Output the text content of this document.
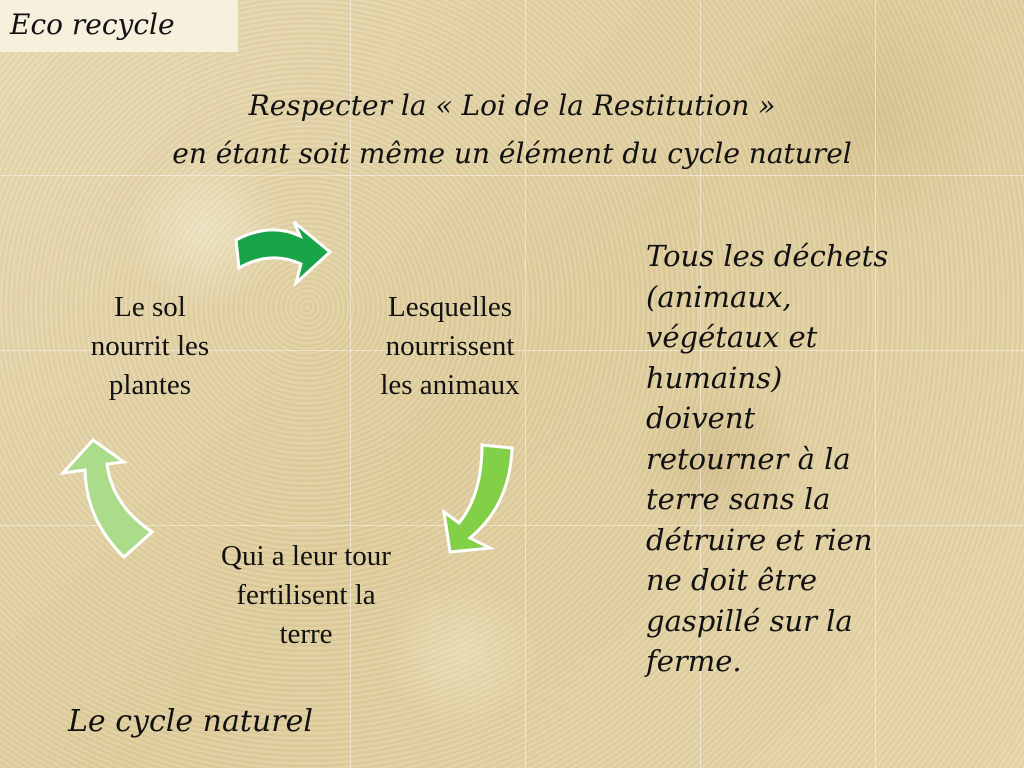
Eco recycle
Respecter la « Loi de la Restitution »
en étant soit même un élément du cycle naturel
Le sol
nourrit les
plantes
Lesquelles
nourrissent
les animaux
Qui a leur tour
fertilisent la
terre
Tous les déchets
(animaux,
végétaux et
humains)
doivent
retourner à la
terre sans la
détruire et rien
ne doit être
gaspillé sur la
ferme.
Le cycle naturel
